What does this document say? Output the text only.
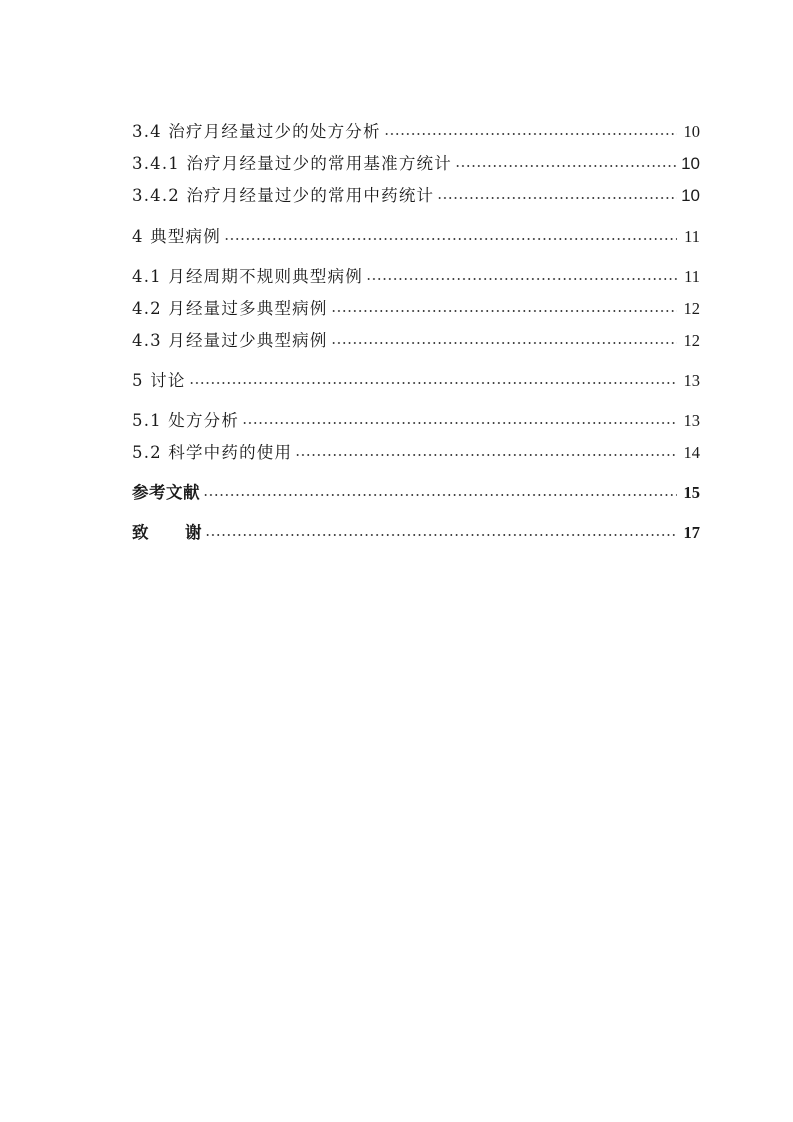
3.4 治疗月经量过少的处方分析	10
3.4.1 治疗月经量过少的常用基准方统计	10
3.4.2 治疗月经量过少的常用中药统计	10
4 典型病例	11
4.1 月经周期不规则典型病例	11
4.2 月经量过多典型病例	12
4.3 月经量过少典型病例	12
5 讨论	13
5.1 处方分析	13
5.2 科学中药的使用	14
参考文献	15
致 谢	17
